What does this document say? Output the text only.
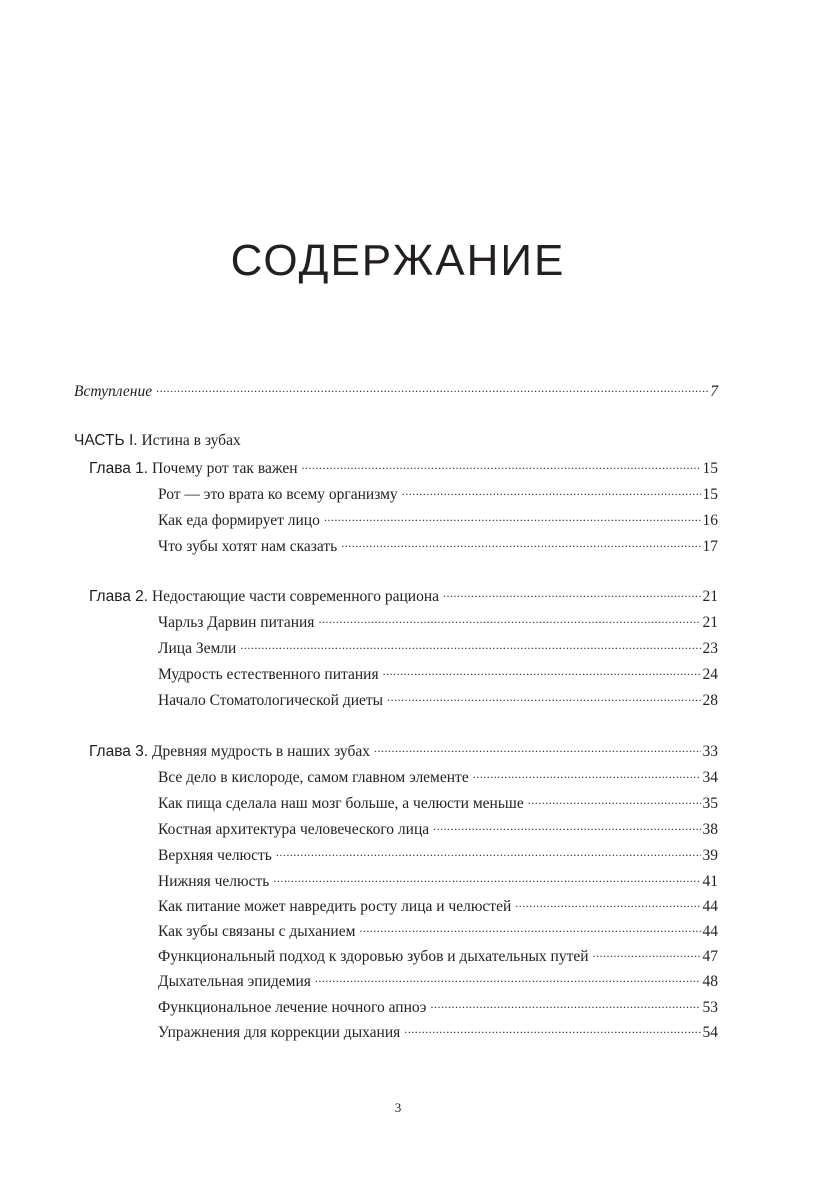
СОДЕРЖАНИЕ
Вступление .....	7
ЧАСТЬ I. Истина в зубах
Глава 1. Почему рот так важен .....	15
Рот — это врата ко всему организму .....	15
Как еда формирует лицо .....	16
Что зубы хотят нам сказать .....	17
Глава 2. Недостающие части современного рациона .....	21
Чарльз Дарвин питания .....	21
Лица Земли .....	23
Мудрость естественного питания .....	24
Начало Стоматологической диеты .....	28
Глава 3. Древняя мудрость в наших зубах .....	33
Все дело в кислороде, самом главном элементе .....	34
Как пища сделала наш мозг больше, а челюсти меньше .....	35
Костная архитектура человеческого лица .....	38
Верхняя челюсть .....	39
Нижняя челюсть .....	41
Как питание может навредить росту лица и челюстей .....	44
Как зубы связаны с дыханием .....	44
Функциональный подход к здоровью зубов и дыхательных путей .....	47
Дыхательная эпидемия .....	48
Функциональное лечение ночного апноэ .....	53
Упражнения для коррекции дыхания .....	54
3
